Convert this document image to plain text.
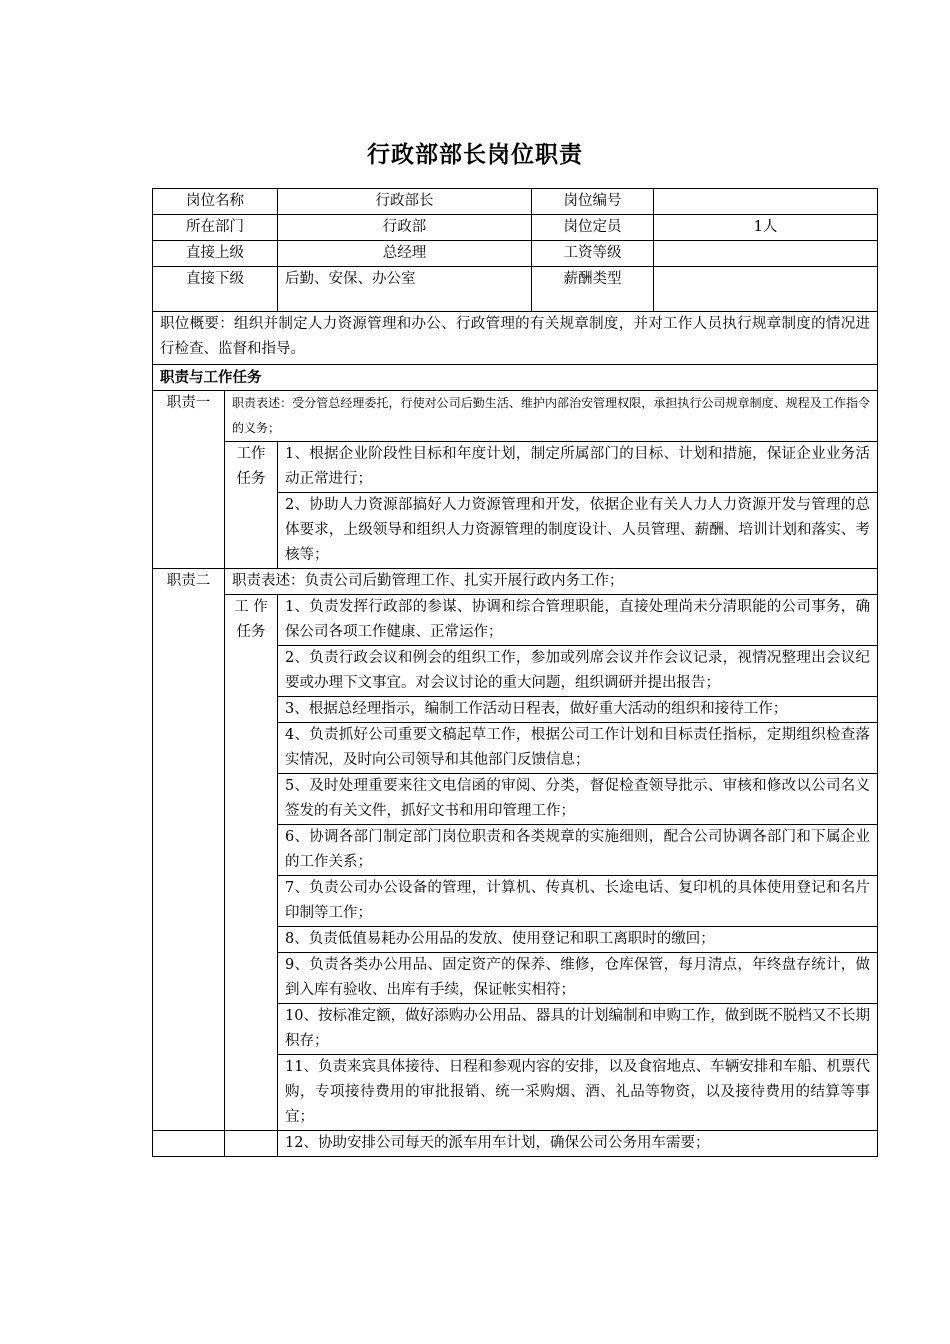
行政部部长岗位职责
岗位名称		行政部长	岗位编号	
所在部门		行政部	岗位定员	1人
直接上级		总经理	工资等级	
直接下级		后勤、安保、办公室	薪酬类型	
职位概要：组织并制定人力资源管理和办公、行政管理的有关规章制度，并对工作人员执行规章制度的情况进行检查、监督和指导。				
职责与工作任务				
职责一	职责表述：受分管总经理委托，行使对公司后勤生活、维护内部治安管理权限，承担执行公司规章制度、规程及工作指令的义务；			
	工作任务	1、根据企业阶段性目标和年度计划，制定所属部门的目标、计划和措施，保证企业业务活动正常进行；		
		2、协助人力资源部搞好人力资源管理和开发，依据企业有关人力人力资源开发与管理的总体要求，上级领导和组织人力资源管理的制度设计、人员管理、薪酬、培训计划和落实、考核等；		
职责二	职责表述：负责公司后勤管理工作、扎实开展行政内务工作；			
	工 作任务	1、负责发挥行政部的参谋、协调和综合管理职能，直接处理尚未分清职能的公司事务，确保公司各项工作健康、正常运作；		
		2、负责行政会议和例会的组织工作，参加或列席会议并作会议记录，视情况整理出会议纪要或办理下文事宜。对会议讨论的重大问题，组织调研并提出报告；		
		3、根据总经理指示，编制工作活动日程表，做好重大活动的组织和接待工作；		
		4、负责抓好公司重要文稿起草工作，根据公司工作计划和目标责任指标，定期组织检查落实情况，及时向公司领导和其他部门反馈信息；		
		5、及时处理重要来往文电信函的审阅、分类，督促检查领导批示、审核和修改以公司名义签发的有关文件，抓好文书和用印管理工作；		
		6、协调各部门制定部门岗位职责和各类规章的实施细则，配合公司协调各部门和下属企业的工作关系；		
		7、负责公司办公设备的管理，计算机、传真机、长途电话、复印机的具体使用登记和名片印制等工作；		
		8、负责低值易耗办公用品的发放、使用登记和职工离职时的缴回；		
		9、负责各类办公用品、固定资产的保养、维修，仓库保管，每月清点，年终盘存统计，做到入库有验收、出库有手续，保证帐实相符；		
		10、按标准定额，做好添购办公用品、器具的计划编制和申购工作，做到既不脱档又不长期积存；		
		11、负责来宾具体接待、日程和参观内容的安排，以及食宿地点、车辆安排和车船、机票代购，专项接待费用的审批报销、统一采购烟、酒、礼品等物资，以及接待费用的结算等事宜；		
		12、协助安排公司每天的派车用车计划，确保公司公务用车需要；		
